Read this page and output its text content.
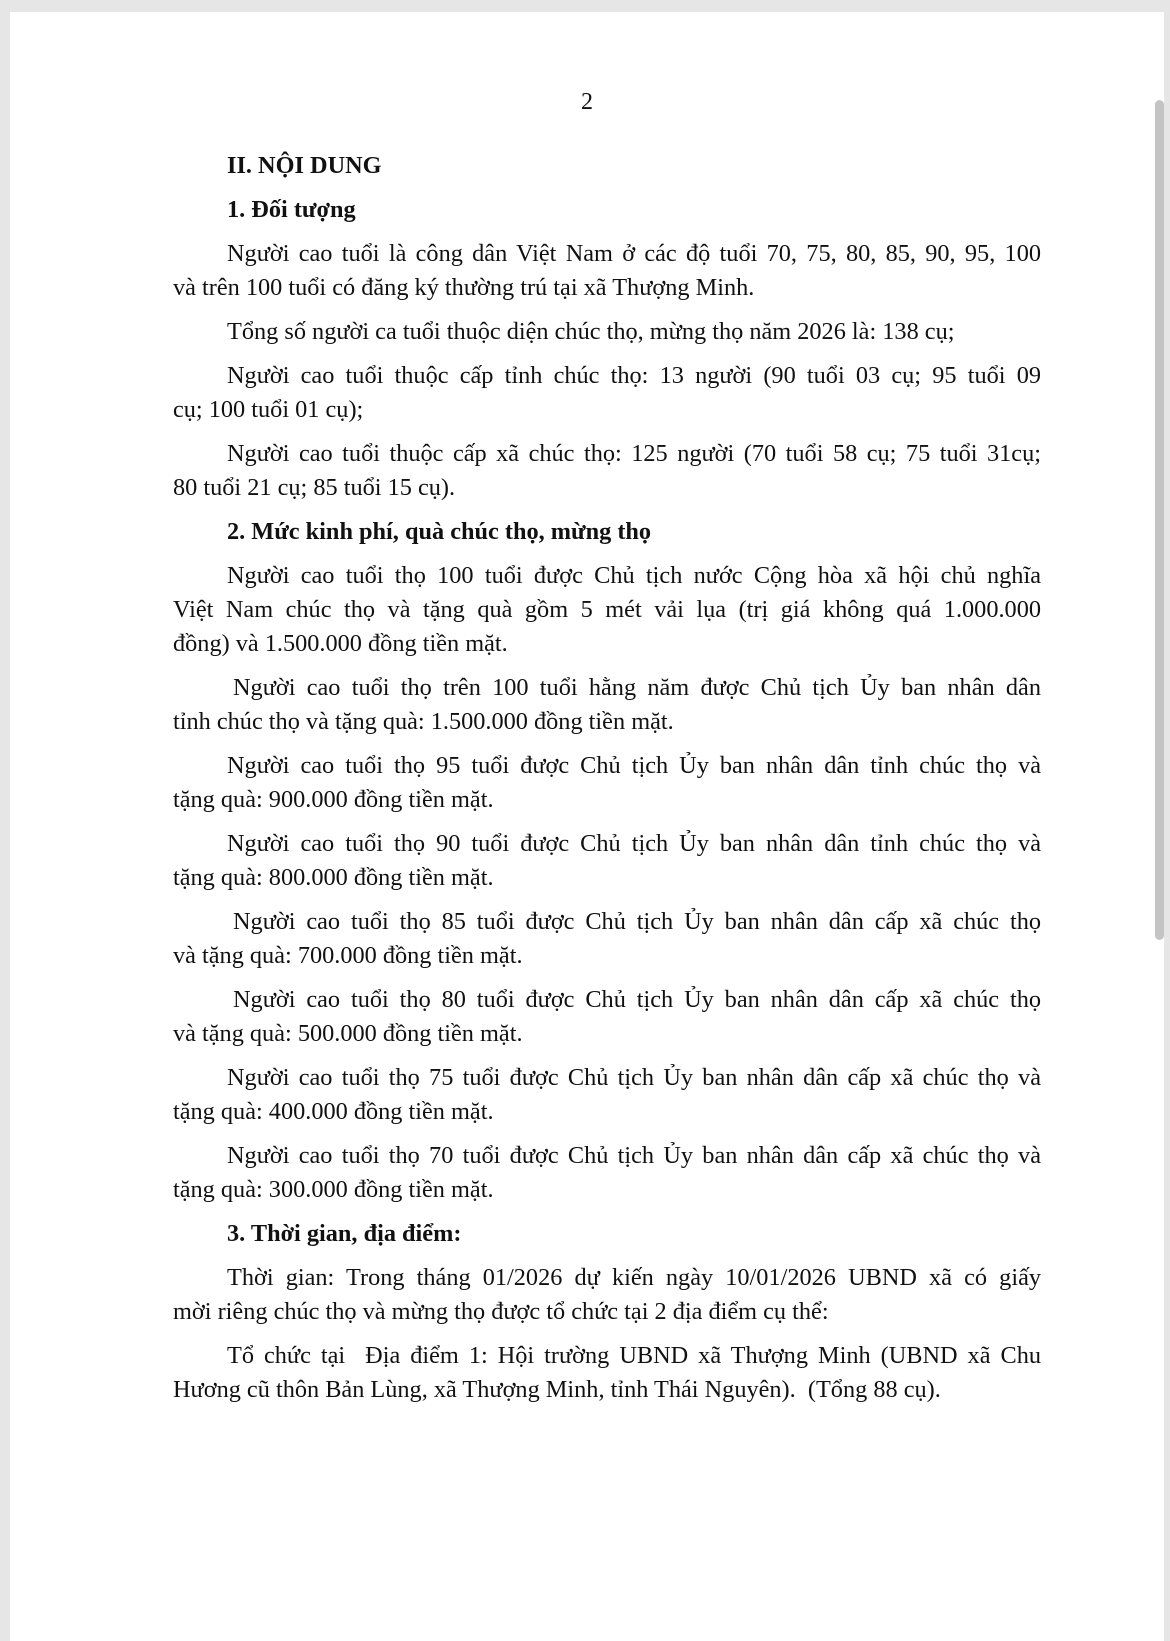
2
II. NỘI DUNG
1. Đối tượng
Người cao tuổi là công dân Việt Nam ở các độ tuổi 70, 75, 80, 85, 90, 95, 100
và trên 100 tuổi có đăng ký thường trú tại xã Thượng Minh.
Tổng số người ca tuổi thuộc diện chúc thọ, mừng thọ năm 2026 là: 138 cụ;
Người cao tuổi thuộc cấp tỉnh chúc thọ: 13 người (90 tuổi 03 cụ; 95 tuổi 09
cụ; 100 tuổi 01 cụ);
Người cao tuổi thuộc cấp xã chúc thọ: 125 người (70 tuổi 58 cụ; 75 tuổi 31cụ;
80 tuổi 21 cụ; 85 tuổi 15 cụ).
2. Mức kinh phí, quà chúc thọ, mừng thọ
Người cao tuổi thọ 100 tuổi được Chủ tịch nước Cộng hòa xã hội chủ nghĩa
Việt Nam chúc thọ và tặng quà gồm 5 mét vải lụa (trị giá không quá 1.000.000
đồng) và 1.500.000 đồng tiền mặt.
Người cao tuổi thọ trên 100 tuổi hằng năm được Chủ tịch Ủy ban nhân dân
tỉnh chúc thọ và tặng quà: 1.500.000 đồng tiền mặt.
Người cao tuổi thọ 95 tuổi được Chủ tịch Ủy ban nhân dân tỉnh chúc thọ và
tặng quà: 900.000 đồng tiền mặt.
Người cao tuổi thọ 90 tuổi được Chủ tịch Ủy ban nhân dân tỉnh chúc thọ và
tặng quà: 800.000 đồng tiền mặt.
Người cao tuổi thọ 85 tuổi được Chủ tịch Ủy ban nhân dân cấp xã chúc thọ
và tặng quà: 700.000 đồng tiền mặt.
Người cao tuổi thọ 80 tuổi được Chủ tịch Ủy ban nhân dân cấp xã chúc thọ
và tặng quà: 500.000 đồng tiền mặt.
Người cao tuổi thọ 75 tuổi được Chủ tịch Ủy ban nhân dân cấp xã chúc thọ và
tặng quà: 400.000 đồng tiền mặt.
Người cao tuổi thọ 70 tuổi được Chủ tịch Ủy ban nhân dân cấp xã chúc thọ và
tặng quà: 300.000 đồng tiền mặt.
3. Thời gian, địa điểm:
Thời gian: Trong tháng 01/2026 dự kiến ngày 10/01/2026 UBND xã có giấy
mời riêng chúc thọ và mừng thọ được tổ chức tại 2 địa điểm cụ thể:
Tổ chức tại  Địa điểm 1: Hội trường UBND xã Thượng Minh (UBND xã Chu
Hương cũ thôn Bản Lùng, xã Thượng Minh, tỉnh Thái Nguyên).  (Tổng 88 cụ).
